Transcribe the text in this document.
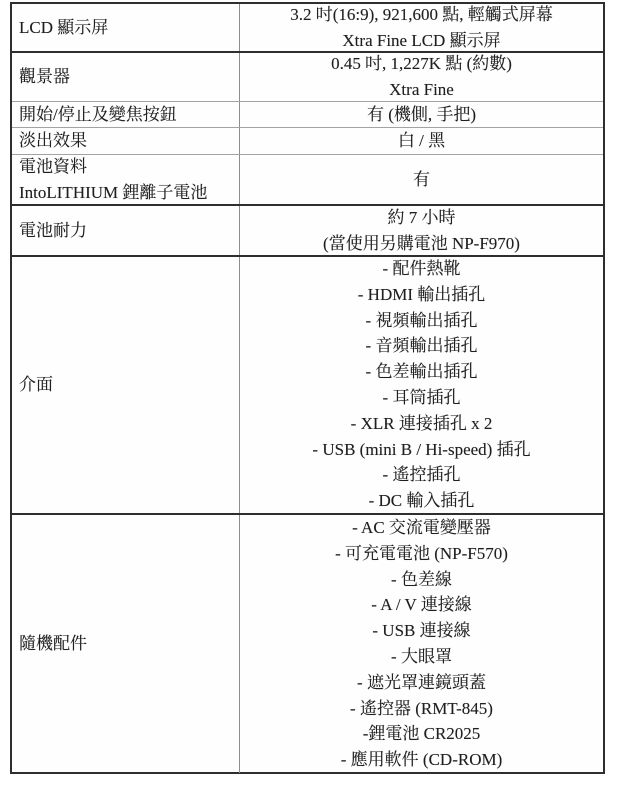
LCD 顯示屏
3.2 吋(16:9), 921,600 點, 輕觸式屏幕
Xtra Fine LCD 顯示屏
觀景器
0.45 吋, 1,227K 點 (約數)
Xtra Fine
開始/停止及變焦按鈕	有 (機側, 手把)
淡出效果	白 / 黑
電池資料
IntoLITHIUM 鋰離子電池
有
電池耐力
約 7 小時
(當使用另購電池 NP-F970)
介面
- 配件熱靴
- HDMI 輸出插孔
- 視頻輸出插孔
- 音頻輸出插孔
- 色差輸出插孔
- 耳筒插孔
- XLR 連接插孔 x 2
- USB (mini B / Hi-speed) 插孔
- 遙控插孔
- DC 輸入插孔
隨機配件
- AC 交流電變壓器
- 可充電電池 (NP-F570)
- 色差線
- A / V 連接線
- USB 連接線
- 大眼罩
- 遮光罩連鏡頭蓋
- 遙控器 (RMT-845)
-鋰電池 CR2025
- 應用軟件 (CD-ROM)
